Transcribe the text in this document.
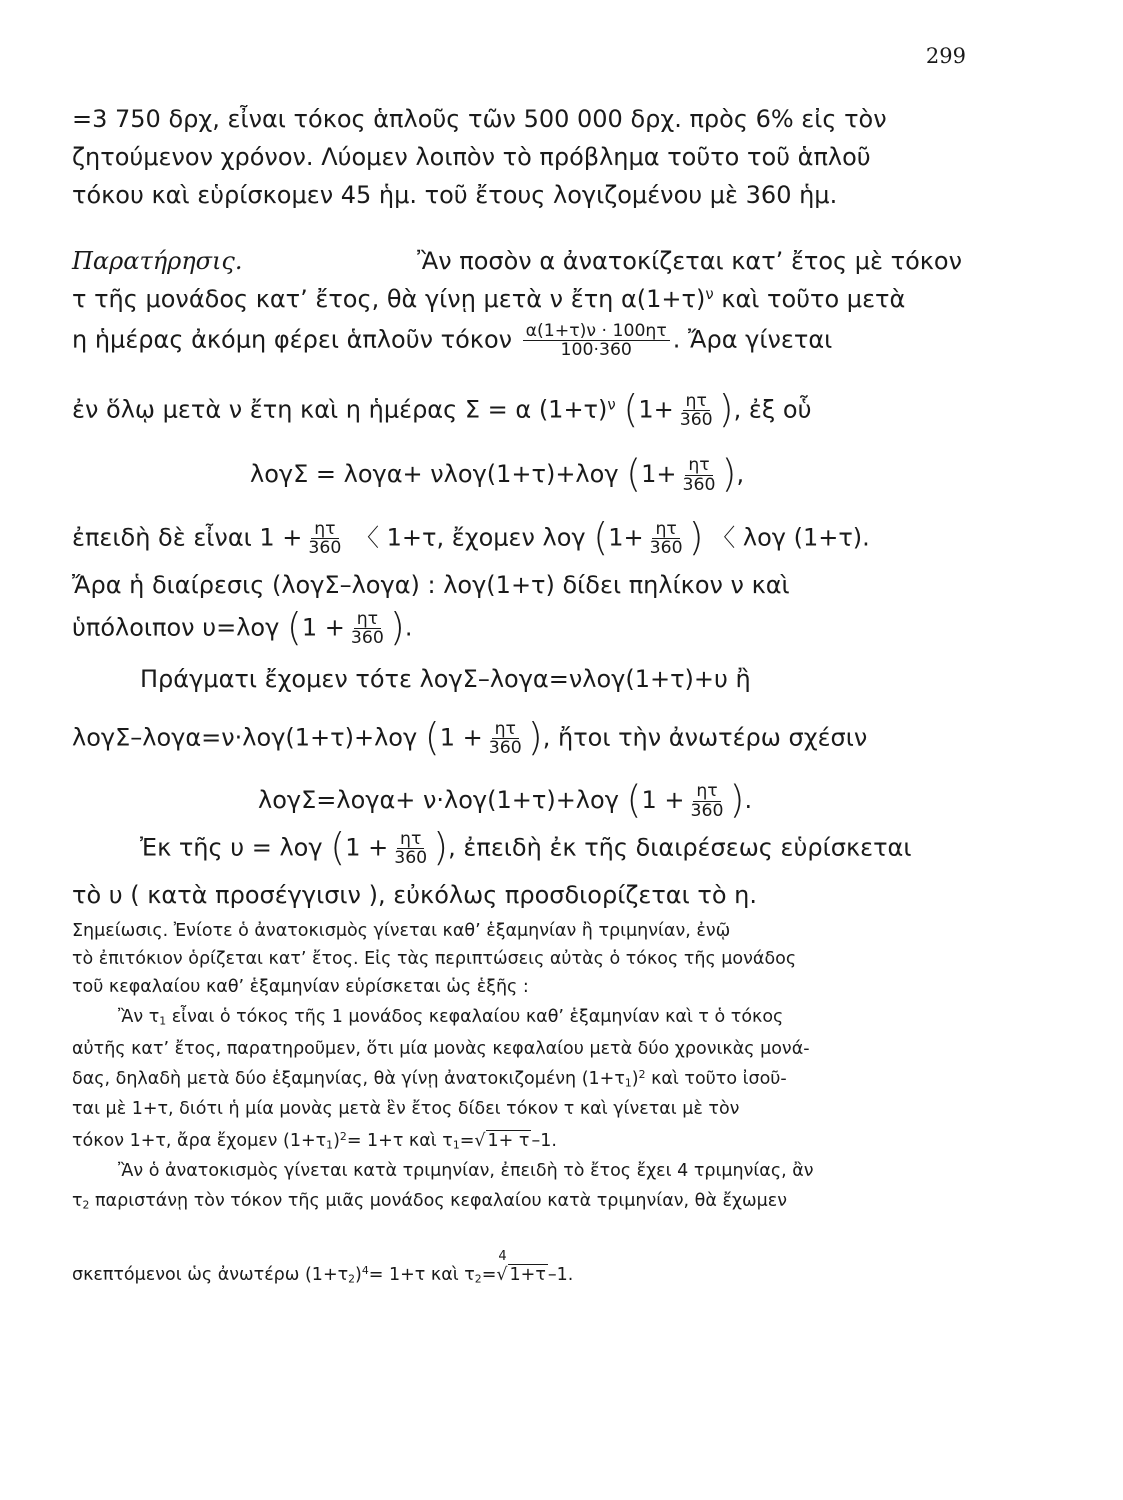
299
=3 750 δρχ, εἶναι τόκος ἁπλοῦς τῶν 500 000 δρχ. πρὸς 6% εἰς τὸν
ζητούμενον χρόνον. Λύομεν λοιπὸν τὸ πρόβλημα τοῦτο τοῦ ἁπλοῦ
τόκου καὶ εὑρίσκομεν 45 ἡμ. τοῦ ἔτους λογιζομένου μὲ 360 ἡμ.
Παρατήρησις.	Ἂν ποσὸν α ἀνατοκίζεται κατ’ ἔτος μὲ τόκον
τ τῆς μονάδος κατ’ ἔτος, θὰ γίνῃ μετὰ ν ἔτη $\alpha(1+\tau)^\nu$ καὶ τοῦτο μετὰ
η ἡμέρας ἀκόμη φέρει ἁπλοῦν τόκον $\frac{\alpha(1+\tau)\nu \cdot 100\eta\tau}{100\cdot 360}$ . Ἄρα γίνεται
ἐν ὅλῳ μετὰ ν ἔτη καὶ η ἡμέρας Σ = α $(1+\tau)^\nu$ ($1+ \frac{\eta\tau}{360}$ ), ἐξ οὗ
λογΣ = λογα+ νλογ(1+τ)+λογ ($1+ \frac{\eta\tau}{360}$ ),
ἐπειδὴ δὲ εἶναι $1 + \frac{\eta\tau}{360}$ 〈 1+τ, ἔχομεν λογ ($1+ \frac{\eta\tau}{360}$ ) 〈 λογ (1+τ).
Ἄρα ἡ διαίρεσις (λογΣ–λογα) : λογ(1+τ) δίδει πηλίκον ν καὶ
ὑπόλοιπον υ=λογ ($1 + \frac{\eta\tau}{360}$ ).
Πράγματι ἔχομεν τότε λογΣ–λογα=νλογ(1+τ)+υ ἢ
λογΣ–λογα=ν·λογ(1+τ)+λογ ($1 + \frac{\eta\tau}{360}$ ), ἤτοι τὴν ἀνωτέρω σχέσιν
λογΣ=λογα+ ν·λογ(1+τ)+λογ ($1 + \frac{\eta\tau}{360}$ ).
Ἐκ τῆς υ = λογ ($1 + \frac{\eta\tau}{360}$ ), ἐπειδὴ ἐκ τῆς διαιρέσεως εὑρίσκεται
τὸ υ ( κατὰ προσέγγισιν ), εὐκόλως προσδιορίζεται τὸ η.
Σημείωσις. Ἐνίοτε ὁ ἀνατοκισμὸς γίνεται καθ’ ἑξαμηνίαν ἢ τριμηνίαν, ἐνῷ
τὸ ἐπιτόκιον ὁρίζεται κατ’ ἔτος. Εἰς τὰς περιπτώσεις αὐτὰς ὁ τόκος τῆς μονάδος
τοῦ κεφαλαίου καθ’ ἑξαμηνίαν εὑρίσκεται ὡς ἑξῆς :
Ἂν $\tau_1$ εἶναι ὁ τόκος τῆς 1 μονάδος κεφαλαίου καθ’ ἑξαμηνίαν καὶ τ ὁ τόκος
αὐτῆς κατ’ ἔτος, παρατηροῦμεν, ὅτι μία μονὰς κεφαλαίου μετὰ δύο χρονικὰς μονά-
δας, δηλαδὴ μετὰ δύο ἑξαμηνίας, θὰ γίνῃ ἀνατοκιζομένη $(1+\tau_1)^2$ καὶ τοῦτο ἰσοῦ-
ται μὲ 1+τ, διότι ἡ μία μονὰς μετὰ ἓν ἔτος δίδει τόκον τ καὶ γίνεται μὲ τὸν
τόκον 1+τ, ἄρα ἔχομεν $(1+\tau_1)^2= 1+\tau$ καὶ $\tau_1=√$ 1+ τ –1.
Ἂν ὁ ἀνατοκισμὸς γίνεται κατὰ τριμηνίαν, ἐπειδὴ τὸ ἔτος ἔχει 4 τριμηνίας, ἂν
$\tau_2$ παριστάνῃ τὸν τόκον τῆς μιᾶς μονάδος κεφαλαίου κατὰ τριμηνίαν, θὰ ἔχωμεν
σκεπτόμενοι ὡς ἀνωτέρω $(1+\tau_2)^4= 1+\tau$ καὶ $\tau_2=$
4
√ 1+τ –1.
